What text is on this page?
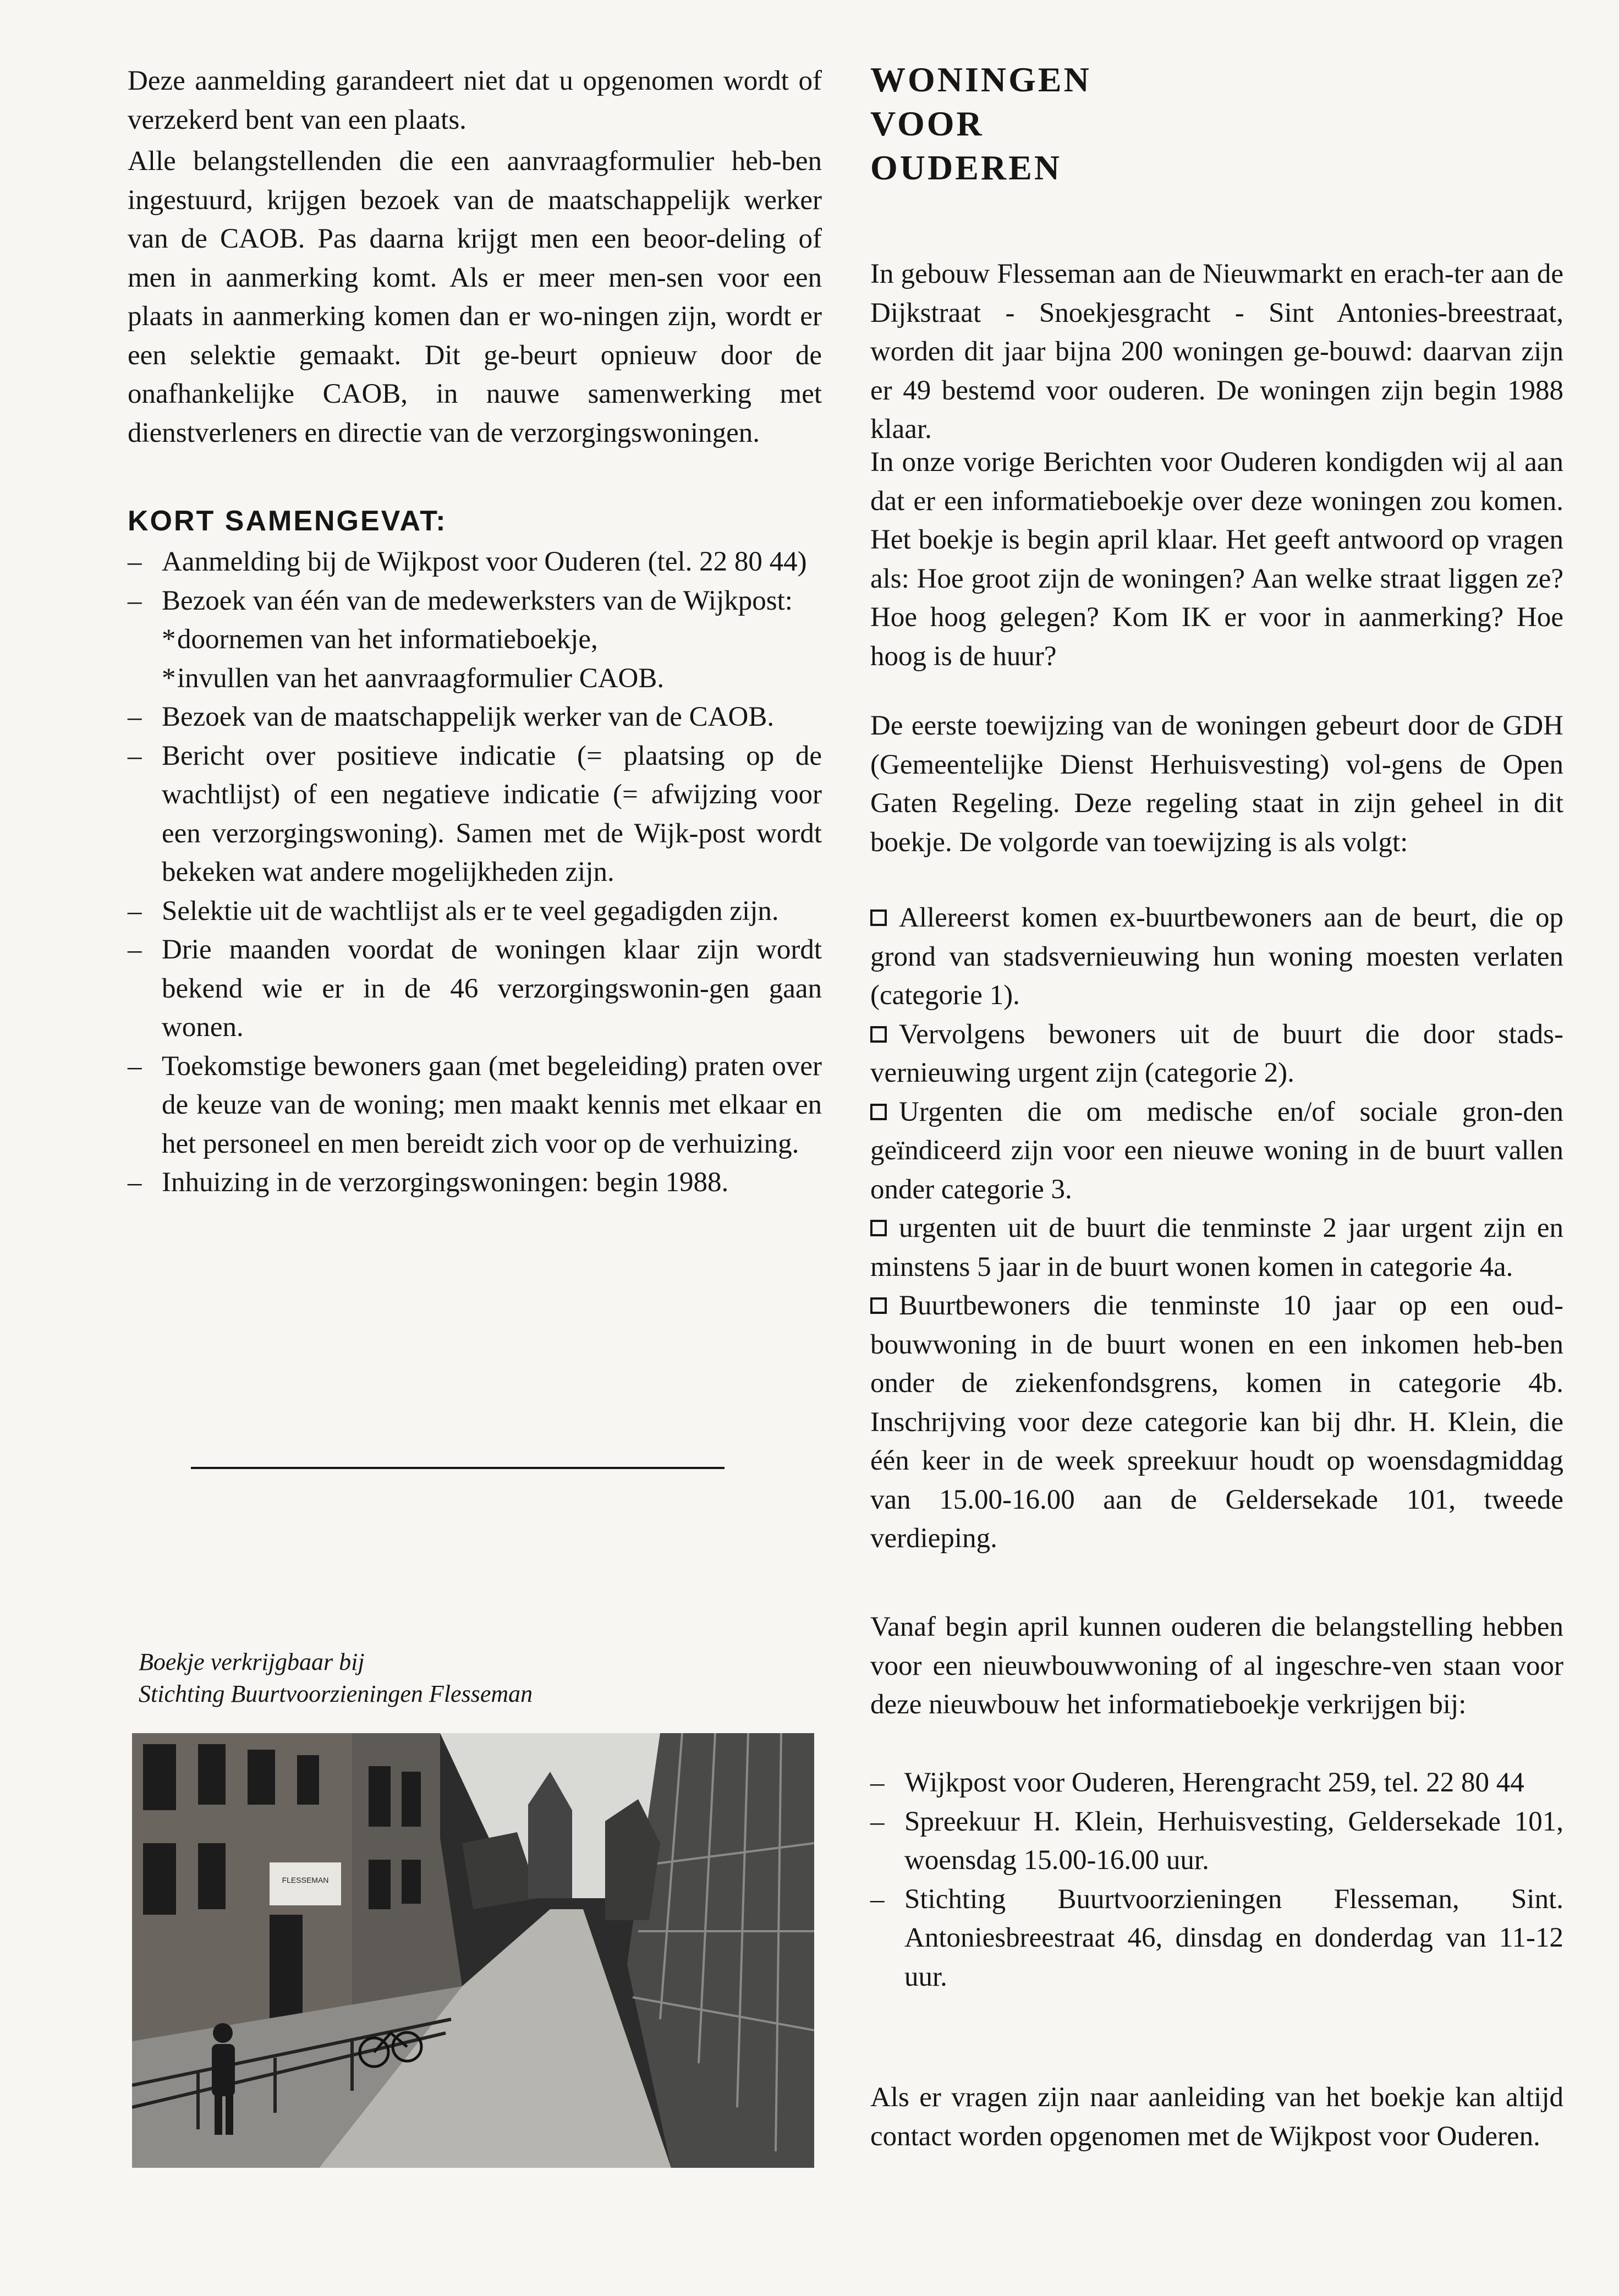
Deze aanmelding garandeert niet dat u opgenomen wordt of verzekerd bent van een plaats.

Alle belangstellenden die een aanvraagformulier heb-ben ingestuurd, krijgen bezoek van de maatschappelijk werker van de CAOB. Pas daarna krijgt men een beoor-deling of men in aanmerking komt. Als er meer men-sen voor een plaats in aanmerking komen dan er wo-ningen zijn, wordt er een selektie gemaakt. Dit ge-beurt opnieuw door de onafhankelijke CAOB, in nauwe samenwerking met dienstverleners en directie van de verzorgingswoningen.

KORT SAMENGEVAT:
– Aanmelding bij de Wijkpost voor Ouderen (tel. 22 80 44)
– Bezoek van één van de medewerksters van de Wijkpost:
* doornemen van het informatieboekje,
* invullen van het aanvraagformulier CAOB.
– Bezoek van de maatschappelijk werker van de CAOB.
– Bericht over positieve indicatie (= plaatsing op de wachtlijst) of een negatieve indicatie (= afwijzing voor een verzorgingswoning). Samen met de Wijk-post wordt bekeken wat andere mogelijkheden zijn.
– Selektie uit de wachtlijst als er te veel gegadigden zijn.
– Drie maanden voordat de woningen klaar zijn wordt bekend wie er in de 46 verzorgingswonin-gen gaan wonen.
– Toekomstige bewoners gaan (met begeleiding) praten over de keuze van de woning; men maakt kennis met elkaar en het personeel en men bereidt zich voor op de verhuizing.
– Inhuizing in de verzorgingswoningen: begin 1988.

Boekje verkrijgbaar bij
Stichting Buurtvoorzieningen Flesseman

FLESSEMAN
WONINGEN
VOOR
OUDEREN

In gebouw Flesseman aan de Nieuwmarkt en erach-ter aan de Dijkstraat - Snoekjesgracht - Sint Antonies-breestraat, worden dit jaar bijna 200 woningen ge-bouwd: daarvan zijn er 49 bestemd voor ouderen. De woningen zijn begin 1988 klaar.

In onze vorige Berichten voor Ouderen kondigden wij al aan dat er een informatieboekje over deze woningen zou komen. Het boekje is begin april klaar. Het geeft antwoord op vragen als: Hoe groot zijn de woningen? Aan welke straat liggen ze? Hoe hoog gelegen? Kom IK er voor in aanmerking? Hoe hoog is de huur?

De eerste toewijzing van de woningen gebeurt door de GDH (Gemeentelijke Dienst Herhuisvesting) vol-gens de Open Gaten Regeling. Deze regeling staat in zijn geheel in dit boekje. De volgorde van toewijzing is als volgt:

Allereerst komen ex-buurtbewoners aan de beurt, die op grond van stadsvernieuwing hun woning moesten verlaten (categorie 1).
Vervolgens bewoners uit de buurt die door stads-vernieuwing urgent zijn (categorie 2).
Urgenten die om medische en/of sociale gron-den geïndiceerd zijn voor een nieuwe woning in de buurt vallen onder categorie 3.
urgenten uit de buurt die tenminste 2 jaar urgent zijn en minstens 5 jaar in de buurt wonen komen in categorie 4a.
Buurtbewoners die tenminste 10 jaar op een oud-bouwwoning in de buurt wonen en een inkomen heb-ben onder de ziekenfondsgrens, komen in categorie 4b. Inschrijving voor deze categorie kan bij dhr. H. Klein, die één keer in de week spreekuur houdt op woensdagmiddag van 15.00-16.00 aan de Geldersekade 101, tweede verdieping.

Vanaf begin april kunnen ouderen die belangstelling hebben voor een nieuwbouwwoning of al ingeschre-ven staan voor deze nieuwbouw het informatieboekje verkrijgen bij:

– Wijkpost voor Ouderen, Herengracht 259, tel. 22 80 44
– Spreekuur H. Klein, Herhuisvesting, Geldersekade 101, woensdag 15.00-16.00 uur.
– Stichting Buurtvoorzieningen Flesseman, Sint. Antoniesbreestraat 46, dinsdag en donderdag van 11-12 uur.

Als er vragen zijn naar aanleiding van het boekje kan altijd contact worden opgenomen met de Wijkpost voor Ouderen.
